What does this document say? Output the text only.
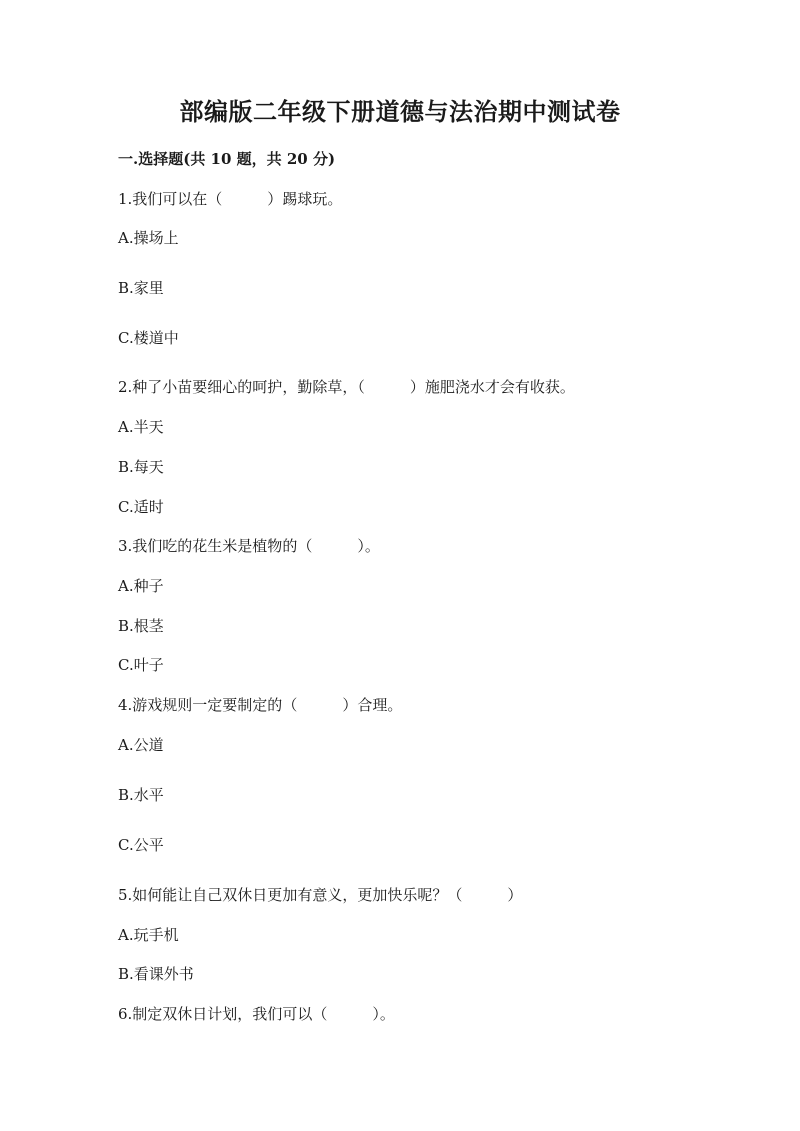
部编版二年级下册道德与法治期中测试卷
一.选择题(共 10 题，共 20 分)
1.我们可以在（　　　）踢球玩。
A.操场上
B.家里
C.楼道中
2.种了小苗要细心的呵护，勤除草，（　　　）施肥浇水才会有收获。
A.半天
B.每天
C.适时
3.我们吃的花生米是植物的（　　　）。
A.种子
B.根茎
C.叶子
4.游戏规则一定要制定的（　　　）合理。
A.公道
B.水平
C.公平
5.如何能让自己双休日更加有意义，更加快乐呢？（　　　）
A.玩手机
B.看课外书
6.制定双休日计划，我们可以（　　　）。
